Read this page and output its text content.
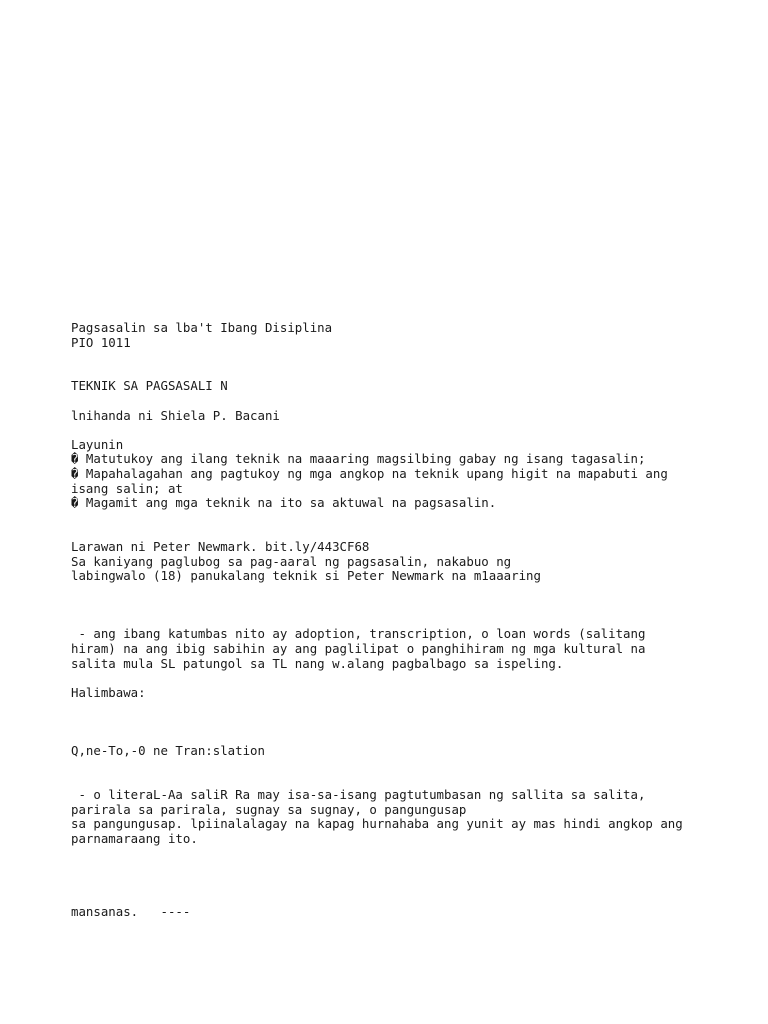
Pagsasalin sa lba't Ibang Disiplina
PIO 1011
TEKNIK SA PAGSASALI N
lnihanda ni Shiela P. Bacani
Layunin
� Matutukoy ang ilang teknik na maaaring magsilbing gabay ng isang tagasalin;
� Mapahalagahan ang pagtukoy ng mga angkop na teknik upang higit na mapabuti ang
isang salin; at
� Magamit ang mga teknik na ito sa aktuwal na pagsasalin.
Larawan ni Peter Newmark. bit.ly/443CF68
Sa kaniyang paglubog sa pag-aaral ng pagsasalin, nakabuo ng
labingwalo (18) panukalang teknik si Peter Newmark na m1aaaring
- ang ibang katumbas nito ay adoption, transcription, o loan words (salitang
hiram) na ang ibig sabihin ay ang paglilipat o panghihiram ng mga kultural na
salita mula SL patungol sa TL nang w.alang pagbalbago sa ispeling.
Halimbawa:
Q,ne-To,-0 ne Tran:slation
- o literaL-Aa saliR Ra may isa-sa-isang pagtutumbasan ng sallita sa salita,
parirala sa parirala, sugnay sa sugnay, o pangungusap
sa pangungusap. lpiinalalagay na kapag hurnahaba ang yunit ay mas hindi angkop ang
parnamaraang ito.
mansanas.   ----
